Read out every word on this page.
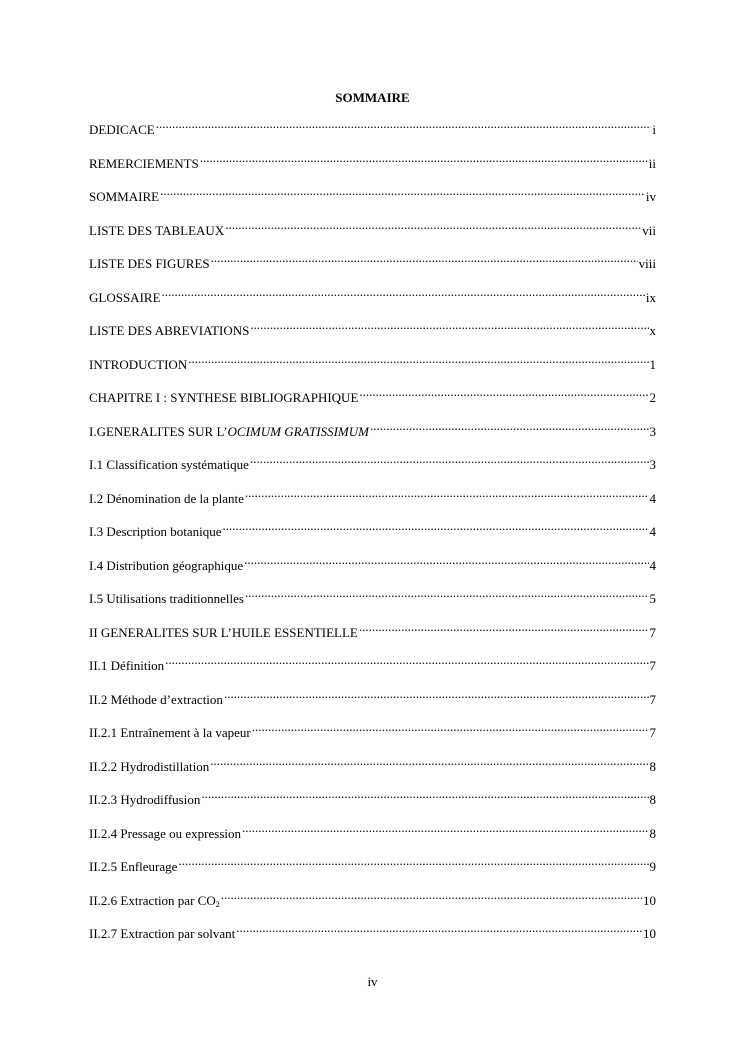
SOMMAIRE
DEDICACE .....	i
REMERCIEMENTS .....	ii
SOMMAIRE .....	iv
LISTE DES TABLEAUX .....	vii
LISTE DES FIGURES .....	viii
GLOSSAIRE .....	ix
LISTE DES ABREVIATIONS .....	x
INTRODUCTION .....	1
CHAPITRE I : SYNTHESE BIBLIOGRAPHIQUE .....	2
I.GENERALITES SUR L’OCIMUM GRATISSIMUM .....	3
I.1 Classification systématique .....	3
I.2 Dénomination de la plante .....	4
I.3 Description botanique .....	4
I.4 Distribution géographique .....	4
I.5 Utilisations traditionnelles .....	5
II GENERALITES SUR L’HUILE ESSENTIELLE .....	7
II.1 Définition .....	7
II.2 Méthode d’extraction .....	7
II.2.1 Entraînement à la vapeur .....	7
II.2.2 Hydrodistillation .....	8
II.2.3 Hydrodiffusion .....	8
II.2.4 Pressage ou expression .....	8
II.2.5 Enfleurage .....	9
II.2.6 Extraction par $CO_2$ .....	10
II.2.7 Extraction par solvant .....	10
iv
